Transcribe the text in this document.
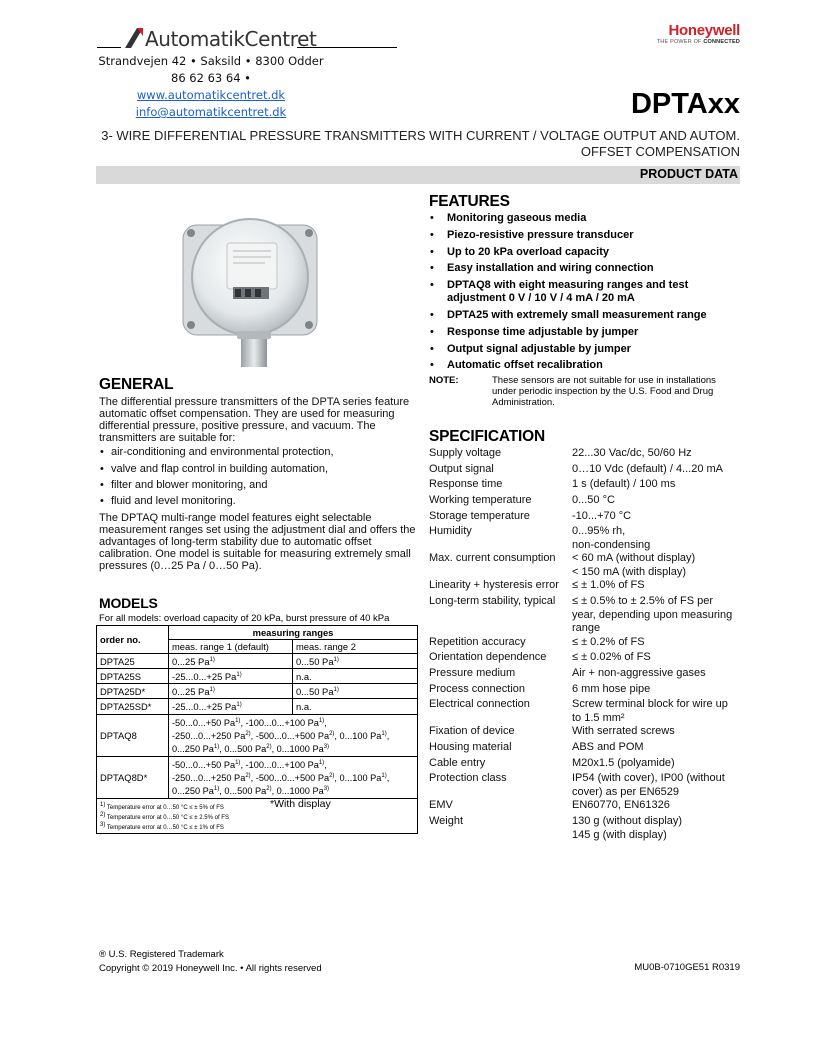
AutomatikCentret
Strandvejen 42 • Saksild • 8300 Odder
86 62 63 64 • www.automatikcentret.dk
info@automatikcentret.dk
Honeywell
THE POWER OF CONNECTED
DPTAxx
3- WIRE DIFFERENTIAL PRESSURE TRANSMITTERS WITH CURRENT / VOLTAGE OUTPUT AND AUTOM. OFFSET COMPENSATION
PRODUCT DATA
FEATURES
• Monitoring gaseous media
• Piezo-resistive pressure transducer
• Up to 20 kPa overload capacity
• Easy installation and wiring connection
• DPTAQ8 with eight measuring ranges and test adjustment 0 V / 10 V / 4 mA / 20 mA
• DPTA25 with extremely small measurement range
• Response time adjustable by jumper
• Output signal adjustable by jumper
• Automatic offset recalibration
NOTE:	These sensors are not suitable for use in installations under periodic inspection by the U.S. Food and Drug Administration.
GENERAL

The differential pressure transmitters of the DPTA series feature automatic offset compensation. They are used for measuring differential pressure, positive pressure, and vacuum. The transmitters are suitable for:

• air-conditioning and environmental protection,
• valve and flap control in building automation,
• filter and blower monitoring, and
• fluid and level monitoring.

The DPTAQ multi-range model features eight selectable measurement ranges set using the adjustment dial and offers the advantages of long-term stability due to automatic offset calibration. One model is suitable for measuring extremely small pressures (0…25 Pa / 0…50 Pa).

MODELS
For all models: overload capacity of 20 kPa, burst pressure of 40 kPa
order no.	measuring ranges	
	meas. range 1 (default)	meas. range 2
DPTA25	0...25 Pa$^{1)}$	0...50 Pa$^{1)}$
DPTA25S	-25...0...+25 Pa$^{1)}$	n.a.
DPTA25D*	0...25 Pa$^{1)}$	0...50 Pa$^{1)}$
DPTA25SD*	-25...0...+25 Pa$^{1)}$	n.a.
DPTAQ8	-50...0...+50 Pa$^{1)}$, -100...0...+100 Pa$^{1)}$,
-250...0...+250 Pa$^{2)}$, -500...0...+500 Pa$^{2)}$, 0...100 Pa$^{1)}$,
0...250 Pa$^{1)}$, 0...500 Pa$^{2)}$, 0...1000 Pa$^{3)}$
DPTAQ8D*	-50...0...+50 Pa$^{1)}$, -100...0...+100 Pa$^{1)}$,
-250...0...+250 Pa$^{2)}$, -500...0...+500 Pa$^{2)}$, 0...100 Pa$^{1)}$,
0...250 Pa$^{1)}$, 0...500 Pa$^{2)}$, 0...1000 Pa$^{3)}$

$^{1)}$ Temperature error at 0…50 °C ≤ ± 5% of FS
$^{2)}$ Temperature error at 0…50 °C ≤ ± 2.5% of FS
$^{3)}$ Temperature error at 0…50 °C ≤ ± 1% of FS
*With display		
SPECIFICATION
Supply voltage	22...30 Vac/dc, 50/60 Hz
Output signal	0…10 Vdc (default) / 4...20 mA
Response time	1 s (default) / 100 ms
Working temperature	0...50 °C
Storage temperature	-10...+70 °C
Humidity	0...95% rh,
non-condensing
Max. current consumption	< 60 mA (without display)
< 150 mA (with display)
Linearity + hysteresis error	≤ ± 1.0% of FS
Long-term stability, typical	≤ ± 0.5% to ± 2.5% of FS per
year, depending upon measuring
range
Repetition accuracy	≤ ± 0.2% of FS
Orientation dependence	≤ ± 0.02% of FS
Pressure medium	Air + non-aggressive gases
Process connection	6 mm hose pipe
Electrical connection	Screw terminal block for wire up
to 1.5 mm²
Fixation of device	With serrated screws
Housing material	ABS and POM
Cable entry	M20x1.5 (polyamide)
Protection class	IP54 (with cover), IP00 (without
cover) as per EN6529
EMV	EN60770, EN61326
Weight	130 g (without display)
145 g (with display)
® U.S. Registered Trademark
Copyright © 2019 Honeywell Inc. • All rights reserved	MU0B-0710GE51 R0319
